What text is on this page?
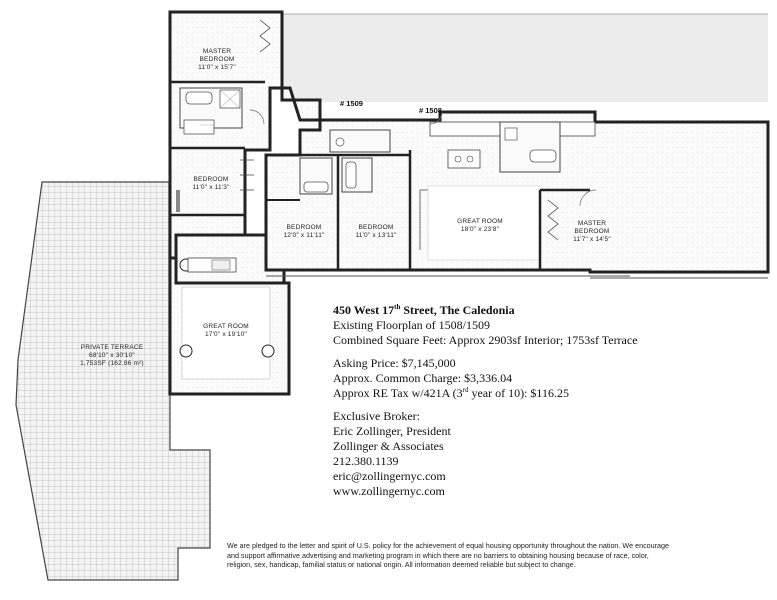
MASTER
BEDROOM
11'0" x 15'7"
BEDROOM
11'0" x 11'3"
GREAT ROOM
17'0" x 19'10"
PRIVATE TERRACE
68'10" x 30'10"
1,753SF (162.86 m²)
BEDROOM
12'0" x 11'11"
BEDROOM
11'0" x 13'11"
GREAT ROOM
18'0" x 23'8"
MASTER
BEDROOM
11'7" x 14'5"
# 1509
# 1508
450 West 17th Street, The Caledonia
Existing Floorplan of 1508/1509
Combined Square Feet: Approx 2903sf Interior; 1753sf Terrace
Asking Price: $7,145,000
Approx. Common Charge: $3,336.04
Approx RE Tax w/421A (3rd year of 10): $116.25
Exclusive Broker:
Eric Zollinger, President
Zollinger & Associates
212.380.1139
eric@zollingernyc.com
www.zollingernyc.com
We are pledged to the letter and spirit of U.S. policy for the achievement of equal housing opportunity throughout the nation. We encourage and support affirmative advertising and marketing program in which there are no barriers to obtaining housing because of race, color, religion, sex, handicap, familial status or national origin. All information deemed reliable but subject to change.
